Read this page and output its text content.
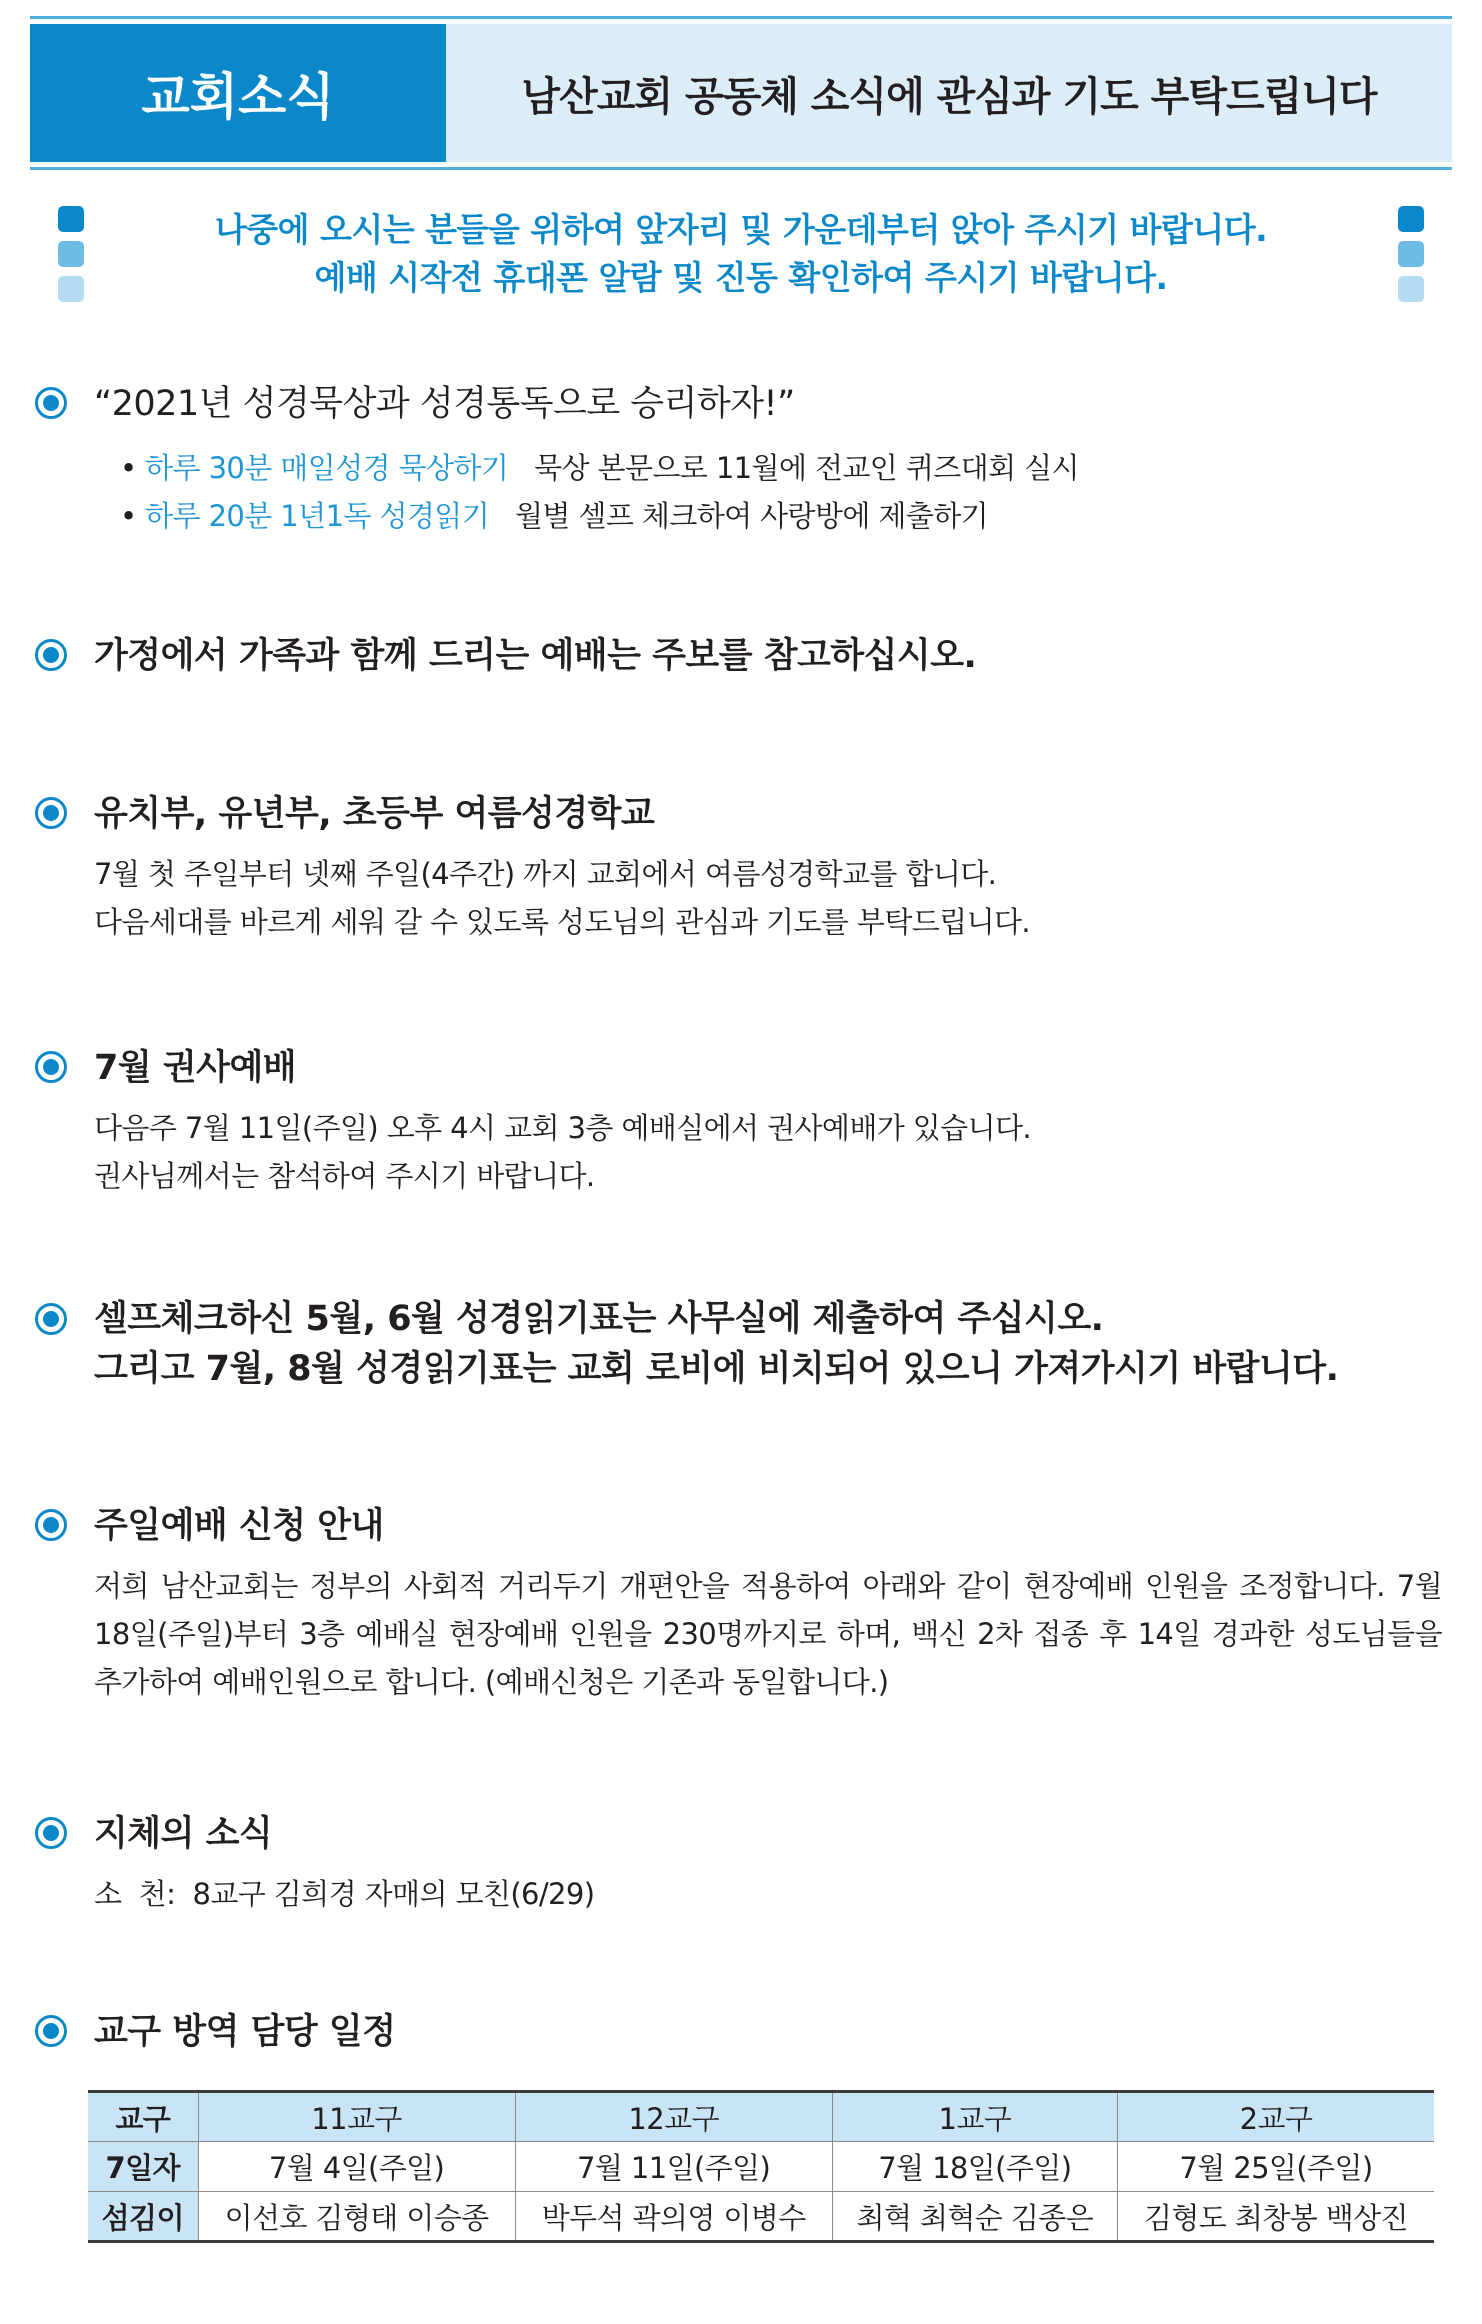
교회소식	남산교회 공동체 소식에 관심과 기도 부탁드립니다
나중에 오시는 분들을 위하여 앞자리 및 가운데부터 앉아 주시기 바랍니다.
예배 시작전 휴대폰 알람 및 진동 확인하여 주시기 바랍니다.
“2021년 성경묵상과 성경통독으로 승리하자!”
• 하루 30분 매일성경 묵상하기 묵상 본문으로 11월에 전교인 퀴즈대회 실시
• 하루 20분 1년1독 성경읽기 월별 셀프 체크하여 사랑방에 제출하기
가정에서 가족과 함께 드리는 예배는 주보를 참고하십시오.
유치부, 유년부, 초등부 여름성경학교
7월 첫 주일부터 넷째 주일(4주간) 까지 교회에서 여름성경학교를 합니다.
다음세대를 바르게 세워 갈 수 있도록 성도님의 관심과 기도를 부탁드립니다.
7월 권사예배
다음주 7월 11일(주일) 오후 4시 교회 3층 예배실에서 권사예배가 있습니다.
권사님께서는 참석하여 주시기 바랍니다.
셀프체크하신 5월, 6월 성경읽기표는 사무실에 제출하여 주십시오.
그리고 7월, 8월 성경읽기표는 교회 로비에 비치되어 있으니 가져가시기 바랍니다.
주일예배 신청 안내
저희 남산교회는 정부의 사회적 거리두기 개편안을 적용하여 아래와 같이 현장예배 인원을 조정합니다. 7월 18일(주일)부터 3층 예배실 현장예배 인원을 230명까지로 하며, 백신 2차 접종 후 14일 경과한 성도님들을 추가하여 예배인원으로 합니다. (예배신청은 기존과 동일합니다.)
지체의 소식
소  천:  8교구 김희경 자매의 모친(6/29)
교구 방역 담당 일정
교구	11교구	12교구	1교구	2교구
7일자	7월 4일(주일)	7월 11일(주일)	7월 18일(주일)	7월 25일(주일)
섬김이	이선호 김형태 이승종	박두석 곽의영 이병수	최혁 최혁순 김종은	김형도 최창봉 백상진
